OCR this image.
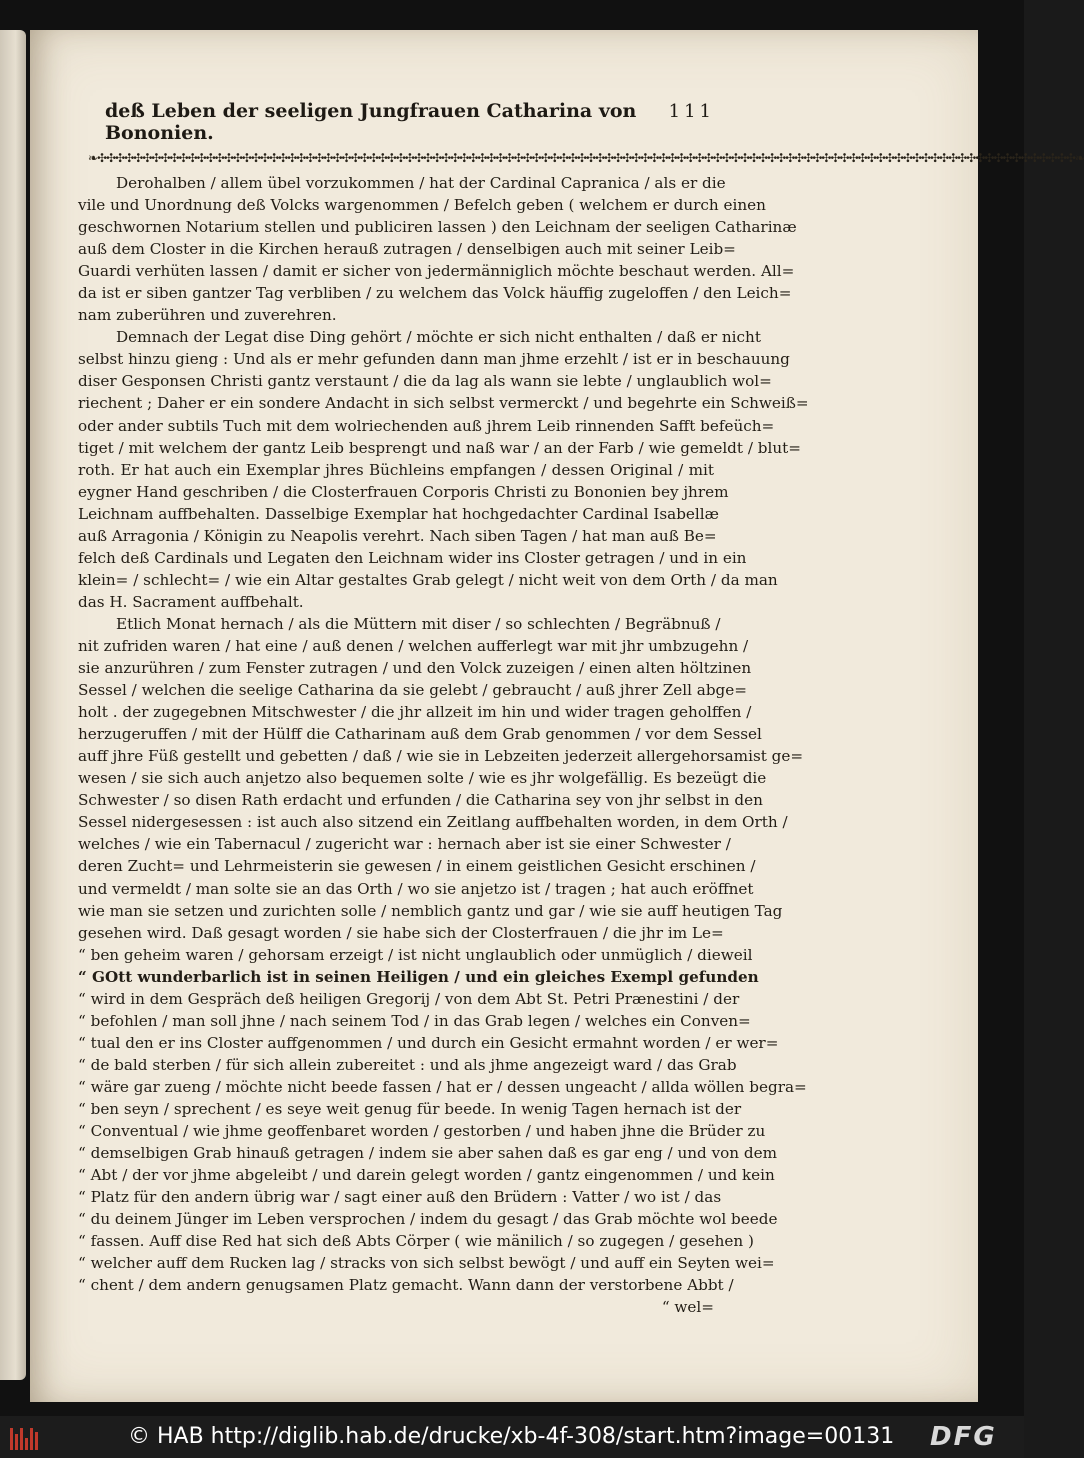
deß Leben der seeligen Jungfrauen Catharina von Bononien.
111
❧✣✣✣✣✣✣✣✣✣✣✣✣✣✣✣✣✣✣✣✣✣✣✣✣✣✣✣✣✣✣✣✣✣✣✣✣✣✣✣✣✣✣✣✣✣✣✣✣✣✣✣✣✣✣✣✣✣✣✣✣✣✣✣✣✣✣✣✣✣✣✣✣✣✣✣✣✣✣✣✣✣✣✣✣✣✣✣✣✣✣✣✣✣✣✣✣✣✣✣✣✣✣✣✣✣✣✣✣❧
Derohalben / allem übel vorzukommen / hat der Cardinal Capranica / als er die
vile und Unordnung deß Volcks wargenommen / Befelch geben ( welchem er durch einen
geschwornen Notarium stellen und publiciren lassen ) den Leichnam der seeligen Catharinæ
auß dem Closter in die Kirchen herauß zutragen / denselbigen auch mit seiner Leib=
Guardi verhüten lassen / damit er sicher von jedermänniglich möchte beschaut werden. All=
da ist er siben gantzer Tag verbliben / zu welchem das Volck häuffig zugeloffen / den Leich=
nam zuberühren und zuverehren.
Demnach der Legat dise Ding gehört / möchte er sich nicht enthalten / daß er nicht
selbst hinzu gieng : Und als er mehr gefunden dann man jhme erzehlt / ist er in beschauung
diser Gesponsen Christi gantz verstaunt / die da lag als wann sie lebte / unglaublich wol=
riechent ; Daher er ein sondere Andacht in sich selbst vermerckt / und begehrte ein Schweiß=
oder ander subtils Tuch mit dem wolriechenden auß jhrem Leib rinnenden Safft befeüch=
tiget / mit welchem der gantz Leib besprengt und naß war / an der Farb / wie gemeldt / blut=
roth. Er hat auch ein Exemplar jhres Büchleins empfangen / dessen Original / mit
eygner Hand geschriben / die Closterfrauen Corporis Christi zu Bononien bey jhrem
Leichnam auffbehalten. Dasselbige Exemplar hat hochgedachter Cardinal Isabellæ
auß Arragonia / Königin zu Neapolis verehrt. Nach siben Tagen / hat man auß Be=
felch deß Cardinals und Legaten den Leichnam wider ins Closter getragen / und in ein
klein= / schlecht= / wie ein Altar gestaltes Grab gelegt / nicht weit von dem Orth / da man
das H. Sacrament auffbehalt.
Etlich Monat hernach / als die Müttern mit diser / so schlechten / Begräbnuß /
nit zufriden waren / hat eine / auß denen / welchen aufferlegt war mit jhr umbzugehn /
sie anzurühren / zum Fenster zutragen / und den Volck zuzeigen / einen alten höltzinen
Sessel / welchen die seelige Catharina da sie gelebt / gebraucht / auß jhrer Zell abge=
holt . der zugegebnen Mitschwester / die jhr allzeit im hin und wider tragen geholffen /
herzugeruffen / mit der Hülff die Catharinam auß dem Grab genommen / vor dem Sessel
auff jhre Füß gestellt und gebetten / daß / wie sie in Lebzeiten jederzeit allergehorsamist ge=
wesen / sie sich auch anjetzo also bequemen solte / wie es jhr wolgefällig. Es bezeügt die
Schwester / so disen Rath erdacht und erfunden / die Catharina sey von jhr selbst in den
Sessel nidergesessen : ist auch also sitzend ein Zeitlang auffbehalten worden, in dem Orth /
welches / wie ein Tabernacul / zugericht war : hernach aber ist sie einer Schwester /
deren Zucht= und Lehrmeisterin sie gewesen / in einem geistlichen Gesicht erschinen /
und vermeldt / man solte sie an das Orth / wo sie anjetzo ist / tragen ; hat auch eröffnet
wie man sie setzen und zurichten solle / nemblich gantz und gar / wie sie auff heutigen Tag
gesehen wird. Daß gesagt worden / sie habe sich der Closterfrauen / die jhr im Le=
“ ben geheim waren / gehorsam erzeigt / ist nicht unglaublich oder unmüglich / dieweil
“ GOtt wunderbarlich ist in seinen Heiligen / und ein gleiches Exempl gefunden
“ wird in dem Gespräch deß heiligen Gregorij / von dem Abt St. Petri Prænestini / der
“ befohlen / man soll jhne / nach seinem Tod / in das Grab legen / welches ein Conven=
“ tual den er ins Closter auffgenommen / und durch ein Gesicht ermahnt worden / er wer=
“ de bald sterben / für sich allein zubereitet : und als jhme angezeigt ward / das Grab
“ wäre gar zueng / möchte nicht beede fassen / hat er / dessen ungeacht / allda wöllen begra=
“ ben seyn / sprechent / es seye weit genug für beede. In wenig Tagen hernach ist der
“ Conventual / wie jhme geoffenbaret worden / gestorben / und haben jhne die Brüder zu
“ demselbigen Grab hinauß getragen / indem sie aber sahen daß es gar eng / und von dem
“ Abt / der vor jhme abgeleibt / und darein gelegt worden / gantz eingenommen / und kein
“ Platz für den andern übrig war / sagt einer auß den Brüdern : Vatter / wo ist / das
“ du deinem Jünger im Leben versprochen / indem du gesagt / das Grab möchte wol beede
“ fassen. Auff dise Red hat sich deß Abts Cörper ( wie mänilich / so zugegen / gesehen )
“ welcher auff dem Rucken lag / stracks von sich selbst bewögt / und auff ein Seyten wei=
“ chent / dem andern genugsamen Platz gemacht. Wann dann der verstorbene Abbt /
“ wel=
© HAB http://diglib.hab.de/drucke/xb-4f-308/start.htm?image=00131 DFG
